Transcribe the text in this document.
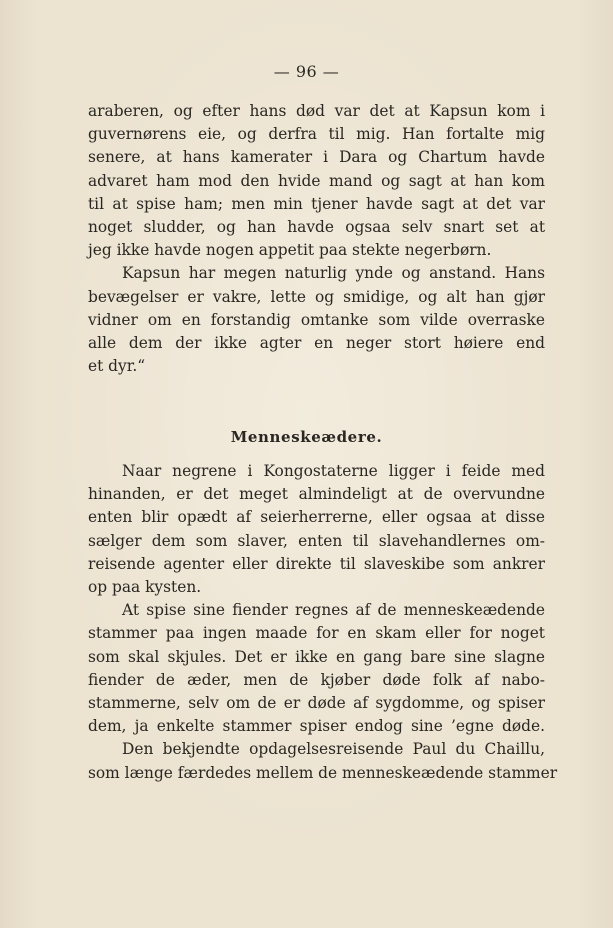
— 96 —
araberen, og efter hans død var det at Kapsun kom i
guvernørens eie, og derfra til mig. Han fortalte mig
senere, at hans kamerater i Dara og Chartum havde
advaret ham mod den hvide mand og sagt at han kom
til at spise ham; men min tjener havde sagt at det var
noget sludder, og han havde ogsaa selv snart set at
jeg ikke havde nogen appetit paa stekte negerbørn.
Kapsun har megen naturlig ynde og anstand. Hans
bevægelser er vakre, lette og smidige, og alt han gjør
vidner om en forstandig omtanke som vilde overraske
alle dem der ikke agter en neger stort høiere end
et dyr.“
Menneskeædere.
Naar negrene i Kongostaterne ligger i feide med
hinanden, er det meget almindeligt at de overvundne
enten blir opædt af seierherrerne, eller ogsaa at disse
sælger dem som slaver, enten til slavehandlernes om-
reisende agenter eller direkte til slaveskibe som ankrer
op paa kysten.
At spise sine fiender regnes af de menneskeædende
stammer paa ingen maade for en skam eller for noget
som skal skjules. Det er ikke en gang bare sine slagne
fiender de æder, men de kjøber døde folk af nabo-
stammerne, selv om de er døde af sygdomme, og spiser
dem, ja enkelte stammer spiser endog sine ’egne døde.
Den bekjendte opdagelsesreisende Paul du Chaillu,
som længe færdedes mellem de menneskeædende stammer
